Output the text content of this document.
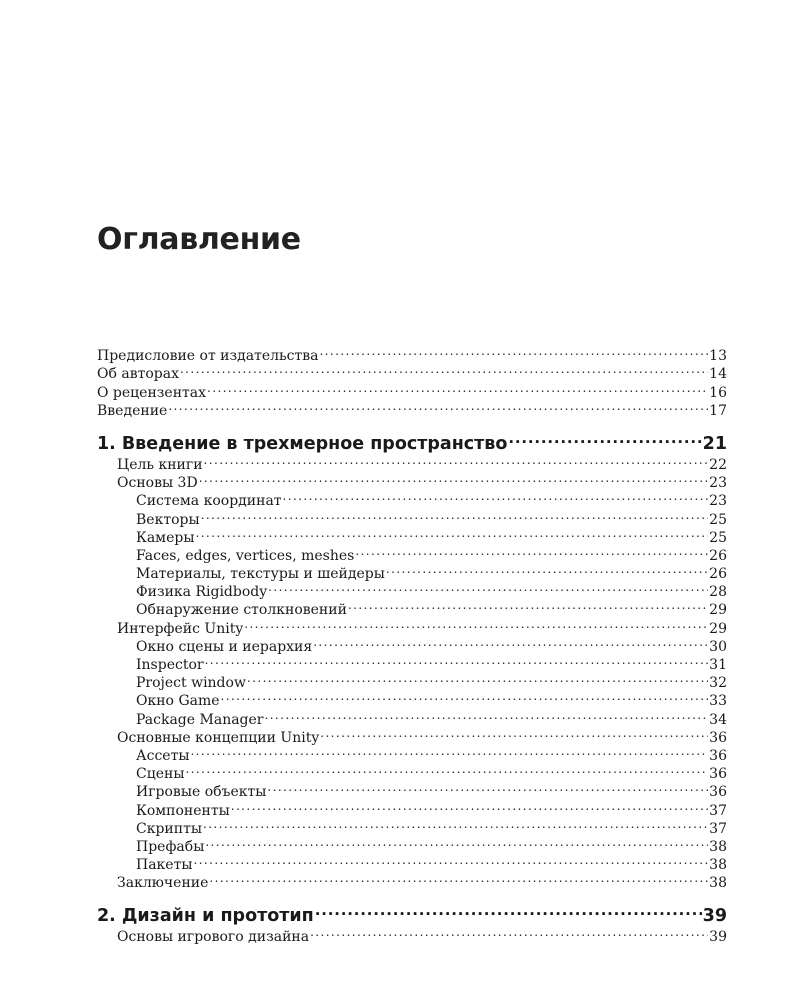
Оглавление
Предисловие от издательства .....	13
Об авторах .....	14
О рецензентах .....	16
Введение .....	17
1. Введение в трехмерное пространство .....	21
Цель книги .....	22
Основы 3D .....	23
Система координат .....	23
Векторы .....	25
Камеры .....	25
Faces, edges, vertices, meshes .....	26
Материалы, текстуры и шейдеры .....	26
Физика Rigidbody .....	28
Обнаружение столкновений .....	29
Интерфейс Unity .....	29
Окно сцены и иерархия .....	30
Inspector .....	31
Project window .....	32
Окно Game .....	33
Package Manager .....	34
Основные концепции Unity .....	36
Ассеты .....	36
Сцены .....	36
Игровые объекты .....	36
Компоненты .....	37
Скрипты .....	37
Префабы .....	38
Пакеты .....	38
Заключение .....	38
2. Дизайн и прототип .....	39
Основы игрового дизайна .....	39
